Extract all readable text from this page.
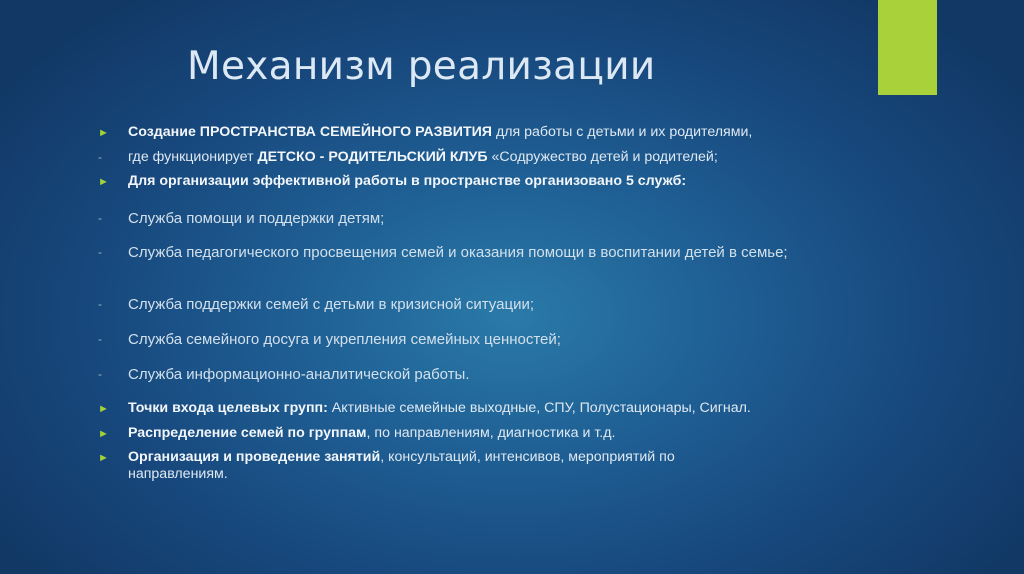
Механизм реализации
►	Создание ПРОСТРАНСТВА СЕМЕЙНОГО РАЗВИТИЯ для работы с детьми и их родителями,
-	где функционирует ДЕТСКО - РОДИТЕЛЬСКИЙ КЛУБ «Содружество детей и родителей;
►	Для организации эффективной работы в пространстве организовано 5 служб:
-	Служба помощи и поддержки детям;
-	Служба педагогического просвещения семей и оказания помощи в воспитании детей в семье;
-	Служба поддержки семей с детьми в кризисной ситуации;
-	Служба семейного досуга и укрепления семейных ценностей;
-	Служба информационно-аналитической работы.
►	Точки входа целевых групп: Активные семейные выходные, СПУ, Полустационары, Сигнал.
►	Распределение семей по группам, по направлениям, диагностика и т.д.
►	Организация и проведение занятий, консультаций, интенсивов, мероприятий по направлениям.
